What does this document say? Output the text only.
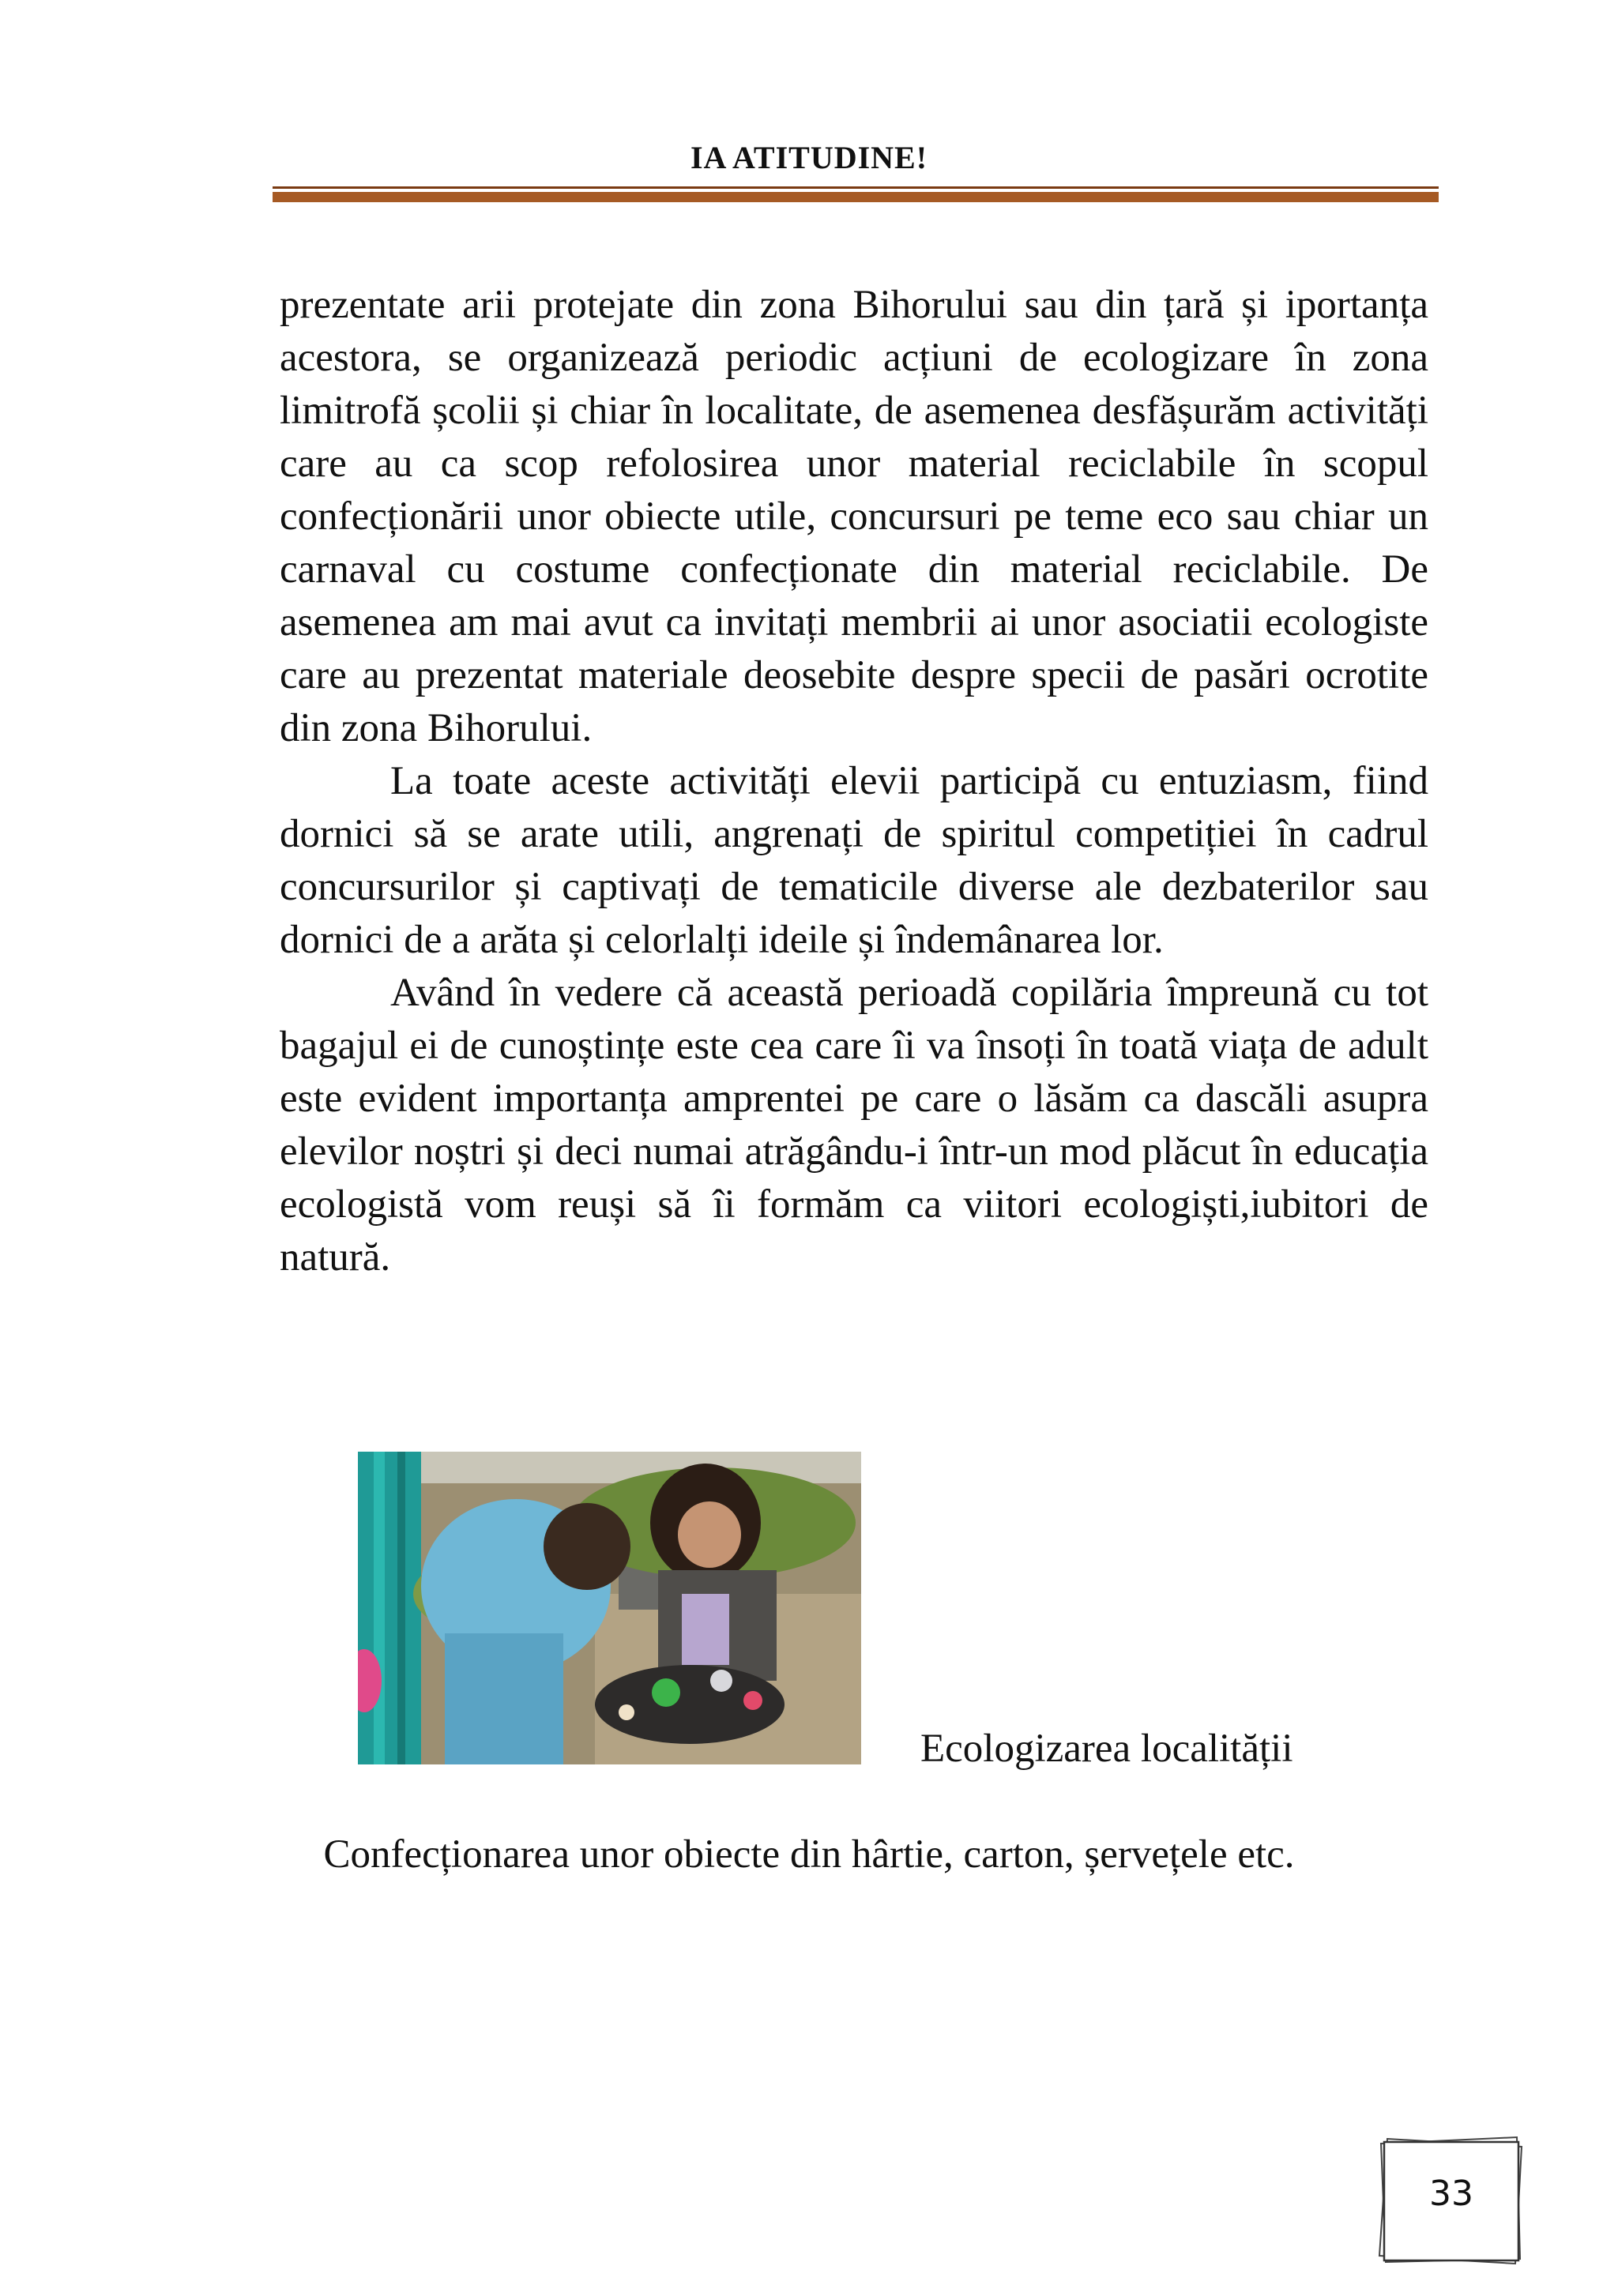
IA ATITUDINE!

prezentate arii protejate din zona Bihorului sau din țară și iportanța acestora, se organizează periodic acțiuni de ecologizare în zona limitrofă școlii și chiar în localitate, de asemenea desfășurăm activități care au ca scop refolosirea unor material reciclabile în scopul confecționării unor obiecte utile, concursuri pe teme eco sau chiar un carnaval cu costume confecționate din material reciclabile. De asemenea am mai avut ca invitați membrii ai unor asociatii ecologiste care au prezentat materiale deosebite despre specii de pasări ocrotite din zona Bihorului.

La toate aceste activități elevii participă cu entuziasm, fiind dornici să se arate utili, angrenați de spiritul competiției în cadrul concursurilor și captivați de tematicile diverse ale dezbaterilor sau dornici de a arăta și celorlalți ideile și îndemânarea lor.

Având în vedere că această perioadă copilăria împreună cu tot bagajul ei de cunoștințe este cea care îi va însoți în toată viața de adult este evident importanța amprentei pe care o lăsăm ca dascăli asupra elevilor noștri și deci numai atrăgându-i într-un mod plăcut în educația ecologistă vom reuși să îi formăm ca viitori ecologiști,iubitori de natură.

Ecologizarea localității
Confecționarea unor obiecte din hârtie, carton, șervețele etc.
33
